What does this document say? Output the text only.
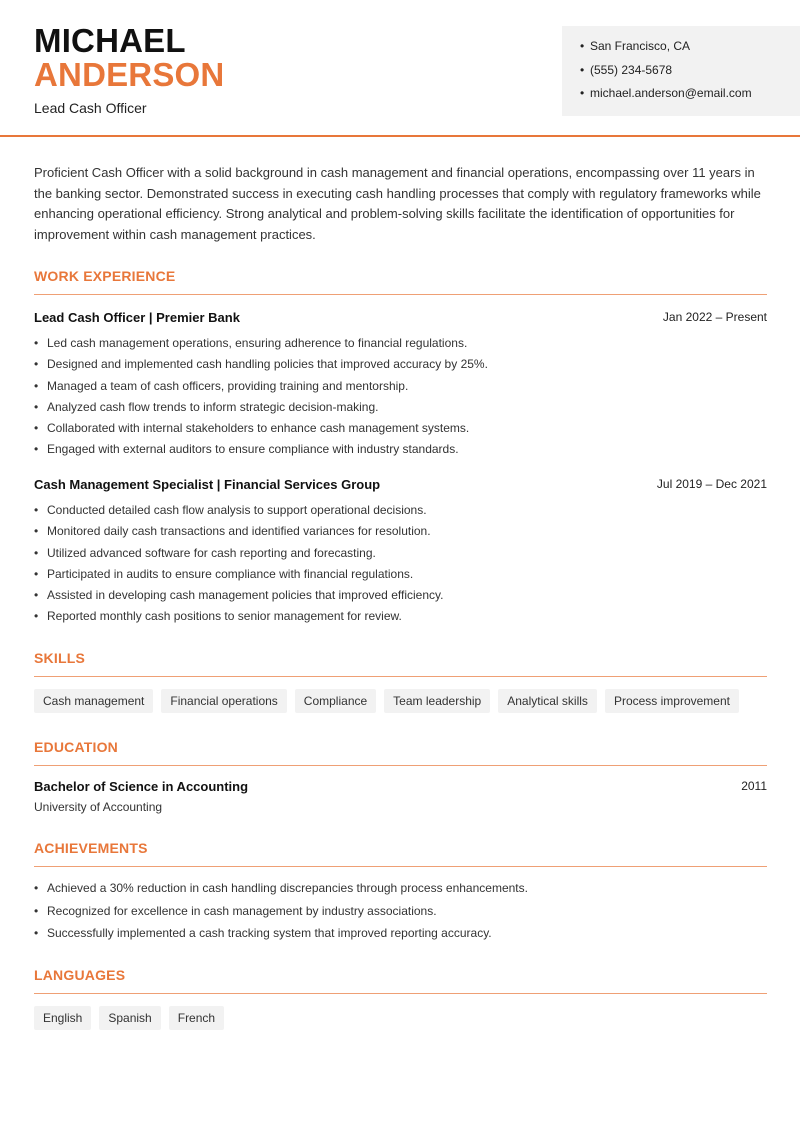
MICHAEL
ANDERSON
Lead Cash Officer
• San Francisco, CA
• (555) 234-5678
• michael.anderson@email.com
Proficient Cash Officer with a solid background in cash management and financial operations, encompassing over 11 years in the banking sector. Demonstrated success in executing cash handling processes that comply with regulatory frameworks while enhancing operational efficiency. Strong analytical and problem-solving skills facilitate the identification of opportunities for improvement within cash management practices.
WORK EXPERIENCE
Lead Cash Officer | Premier Bank	Jan 2022 – Present
• Led cash management operations, ensuring adherence to financial regulations.
• Designed and implemented cash handling policies that improved accuracy by 25%.
• Managed a team of cash officers, providing training and mentorship.
• Analyzed cash flow trends to inform strategic decision-making.
• Collaborated with internal stakeholders to enhance cash management systems.
• Engaged with external auditors to ensure compliance with industry standards.
Cash Management Specialist | Financial Services Group	Jul 2019 – Dec 2021
• Conducted detailed cash flow analysis to support operational decisions.
• Monitored daily cash transactions and identified variances for resolution.
• Utilized advanced software for cash reporting and forecasting.
• Participated in audits to ensure compliance with financial regulations.
• Assisted in developing cash management policies that improved efficiency.
• Reported monthly cash positions to senior management for review.
SKILLS
Cash management	Financial operations	Compliance	Team leadership	Analytical skills	Process improvement
EDUCATION
Bachelor of Science in Accounting	2011
University of Accounting
ACHIEVEMENTS
• Achieved a 30% reduction in cash handling discrepancies through process enhancements.
• Recognized for excellence in cash management by industry associations.
• Successfully implemented a cash tracking system that improved reporting accuracy.
LANGUAGES
English	Spanish	French
